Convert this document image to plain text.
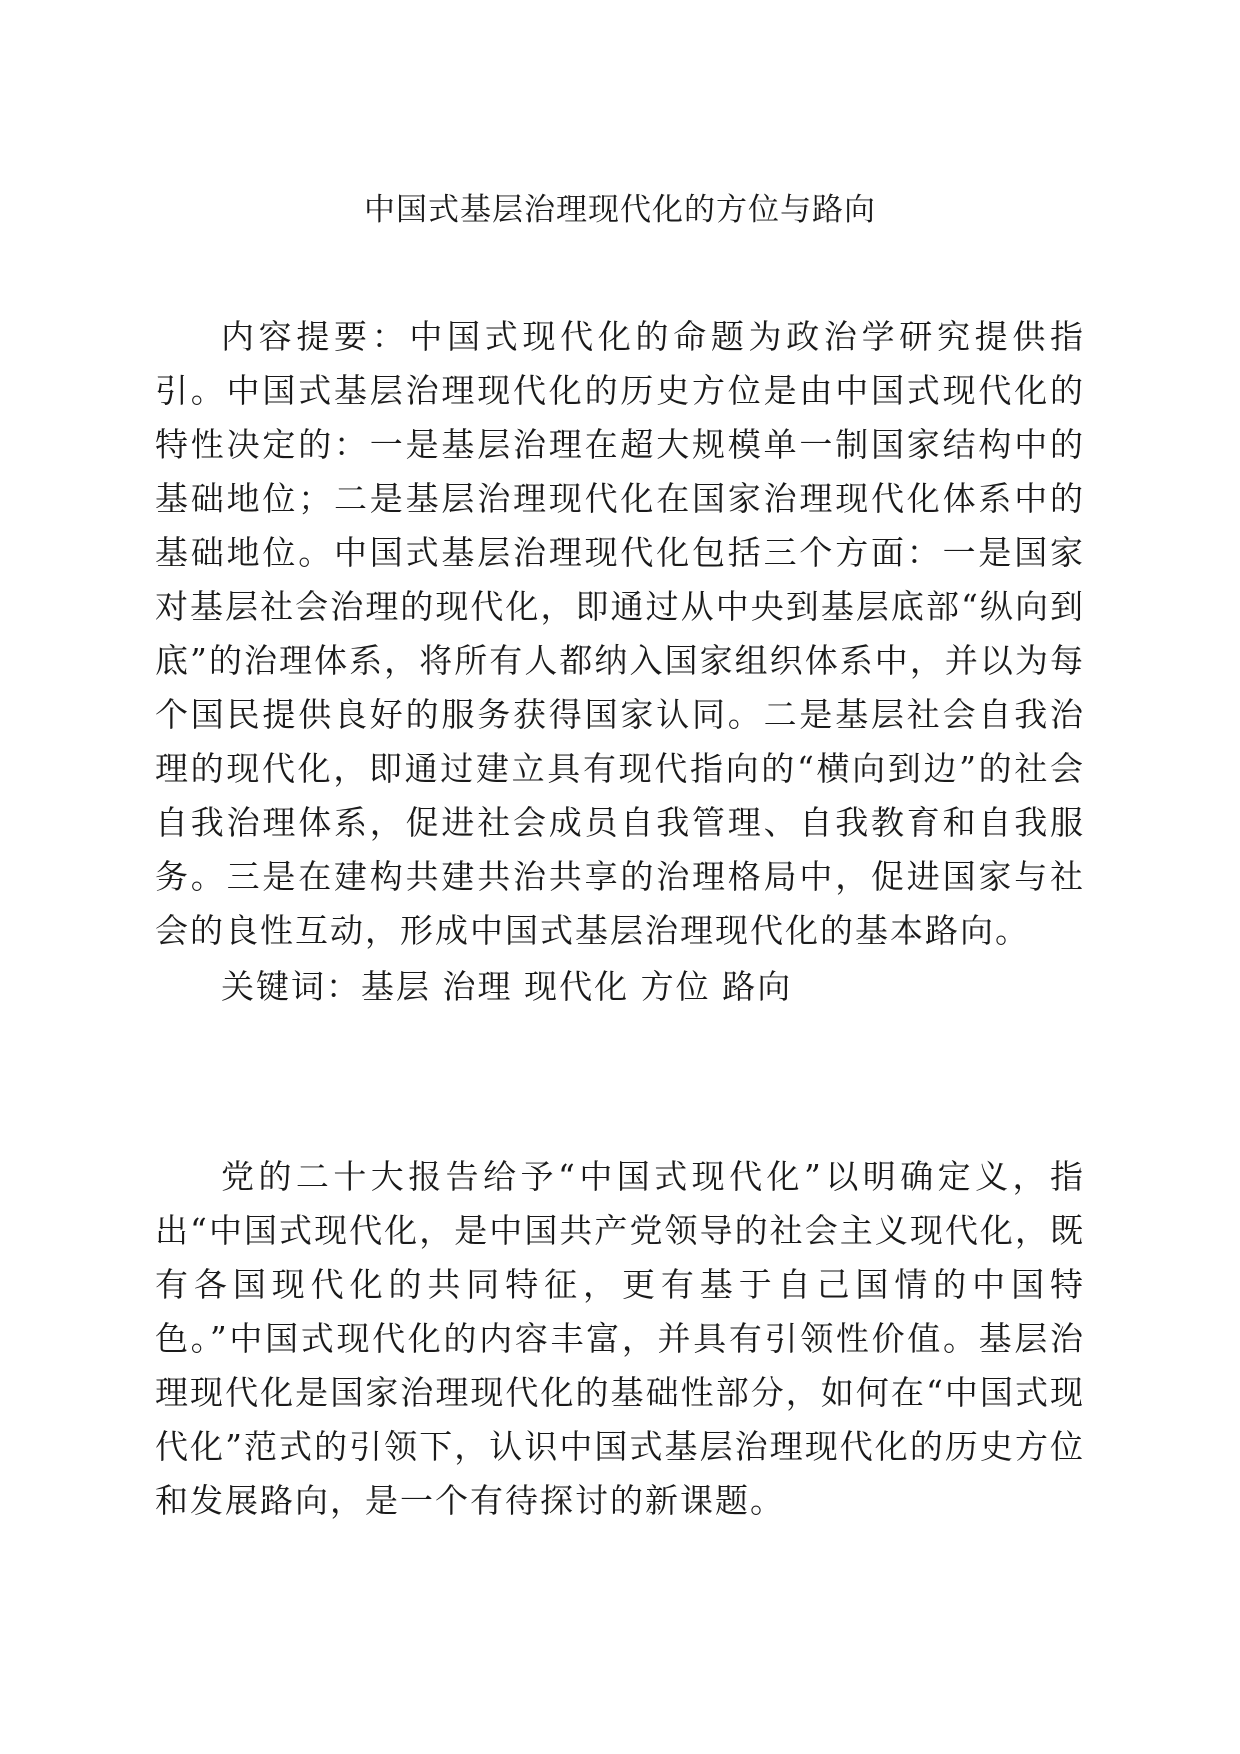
中国式基层治理现代化的方位与路向

内容提要：中国式现代化的命题为政治学研究提供指引。中国式基层治理现代化的历史方位是由中国式现代化的特性决定的：一是基层治理在超大规模单一制国家结构中的基础地位；二是基层治理现代化在国家治理现代化体系中的基础地位。中国式基层治理现代化包括三个方面：一是国家对基层社会治理的现代化，即通过从中央到基层底部“纵向到底”的治理体系，将所有人都纳入国家组织体系中，并以为每个国民提供良好的服务获得国家认同。二是基层社会自我治理的现代化，即通过建立具有现代指向的“横向到边”的社会自我治理体系，促进社会成员自我管理、自我教育和自我服务。三是在建构共建共治共享的治理格局中，促进国家与社会的良性互动，形成中国式基层治理现代化的基本路向。

关键词：基层 治理 现代化 方位 路向

党的二十大报告给予“中国式现代化”以明确定义，指出“中国式现代化，是中国共产党领导的社会主义现代化，既有各国现代化的共同特征，更有基于自己国情的中国特色。”中国式现代化的内容丰富，并具有引领性价值。基层治理现代化是国家治理现代化的基础性部分，如何在“中国式现代化”范式的引领下，认识中国式基层治理现代化的历史方位和发展路向，是一个有待探讨的新课题。
